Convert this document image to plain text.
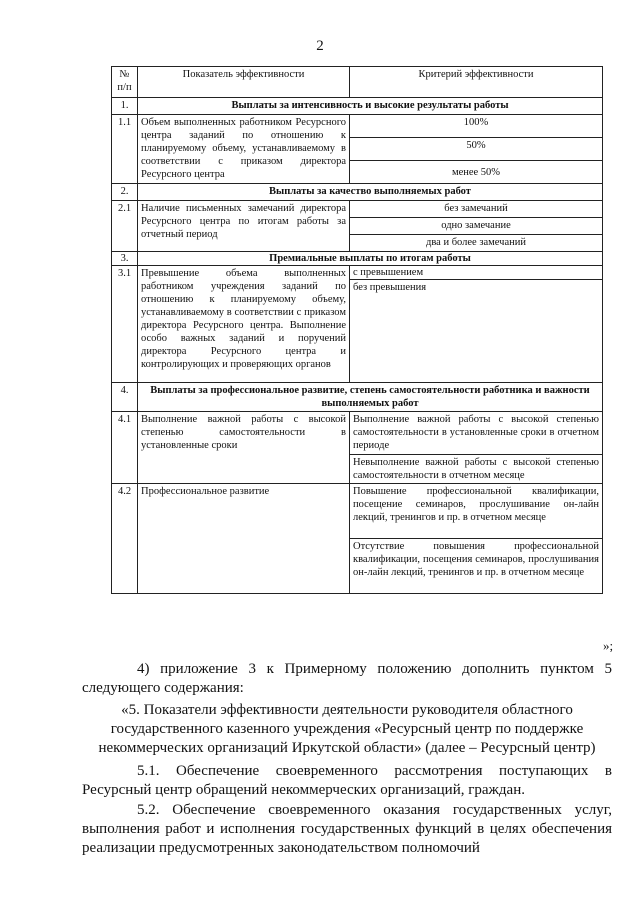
2
№ п/п	Показатель эффективности	Критерий эффективности
1.	Выплаты за интенсивность и высокие результаты работы	
1.1	Объем выполненных работником Ресурсного центра заданий по отношению к планируемому объему, устанавливаемому в соответствии с приказом директора Ресурсного центра	100%
		50%
		менее 50%
2.	Выплаты за качество выполняемых работ	
2.1	Наличие письменных замечаний директора Ресурсного центра по итогам работы за отчетный период	без замечаний
		одно замечание
		два и более замечаний
3.	Премиальные выплаты по итогам работы	
3.1	Превышение объема выполненных работником учреждения заданий по отношению к планируемому объему, устанавливаемому в соответствии с приказом директора Ресурсного центра. Выполнение особо важных заданий и поручений директора Ресурсного центра и контролирующих и проверяющих органов	с превышением
		без превышения
4.	Выплаты за профессиональное развитие, степень самостоятельности работника и важности выполняемых работ	
4.1	Выполнение важной работы с высокой степенью самостоятельности в установленные сроки	Выполнение важной работы с высокой степенью самостоятельности в установленные сроки в отчетном периоде
		Невыполнение важной работы с высокой степенью самостоятельности в отчетном месяце
4.2	Профессиональное развитие	Повышение профессиональной квалификации, посещение семинаров, прослушивание он-лайн лекций, тренингов и пр. в отчетном месяце
		Отсутствие повышения профессиональной квалификации, посещения семинаров, прослушивания он-лайн лекций, тренингов и пр. в отчетном месяце
»;
4) приложение 3 к Примерному положению дополнить пунктом 5 следующего содержания:
«5. Показатели эффективности деятельности руководителя областного государственного казенного учреждения «Ресурсный центр по поддержке некоммерческих организаций Иркутской области» (далее – Ресурсный центр)
5.1. Обеспечение своевременного рассмотрения поступающих в Ресурсный центр обращений некоммерческих организаций, граждан.
5.2. Обеспечение своевременного оказания государственных услуг, выполнения работ и исполнения государственных функций в целях обеспечения реализации предусмотренных законодательством полномочий
